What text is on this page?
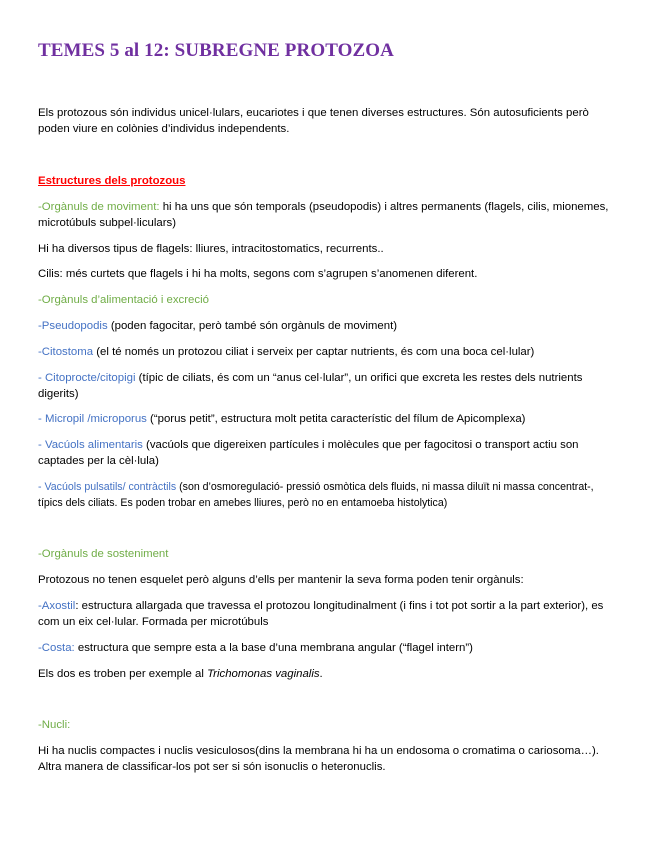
TEMES 5 al 12: SUBREGNE PROTOZOA

Els protozous són individus unicel·lulars, eucariotes i que tenen diverses estructures. Són autosuficients però poden viure en colònies d’individus independents.

Estructures dels protozous

-Orgànuls de moviment: hi ha uns que són temporals (pseudopodis) i altres permanents (flagels, cilis, mionemes, microtúbuls subpel·liculars)

Hi ha diversos tipus de flagels: lliures, intracitostomatics, recurrents..

Cilis: més curtets que flagels i hi ha molts, segons com s’agrupen s’anomenen diferent.

-Orgànuls d’alimentació i excreció

-Pseudopodis (poden fagocitar, però també són orgànuls de moviment)

-Citostoma (el té només un protozou ciliat i serveix per captar nutrients, és com una boca cel·lular)

- Citoprocte/citopigi (típic de ciliats, és com un “anus cel·lular”, un orifici que excreta les restes dels nutrients digerits)

- Micropil /microporus (“porus petit”, estructura molt petita característic del fílum de Apicomplexa)

- Vacúols alimentaris (vacúols que digereixen partícules i molècules que per fagocitosi o transport actiu son captades per la cèl·lula)

- Vacúols pulsatils/ contràctils (son d’osmoregulació- pressió osmòtica dels fluids, ni massa diluït ni massa concentrat-, típics dels ciliats. Es poden trobar en amebes lliures, però no en entamoeba histolytica)

-Orgànuls de sosteniment

Protozous no tenen esquelet però alguns d’ells per mantenir la seva forma poden tenir orgànuls:

-Axostil: estructura allargada que travessa el protozou longitudinalment (i fins i tot pot sortir a la part exterior), es com un eix cel·lular. Formada per microtúbuls

-Costa: estructura que sempre esta a la base d’una membrana angular (“flagel intern”)

Els dos es troben per exemple al Trichomonas vaginalis.

-Nucli:

Hi ha nuclis compactes i nuclis vesiculosos(dins la membrana hi ha un endosoma o cromatima o cariosoma…). Altra manera de classificar-los pot ser si són isonuclis o heteronuclis.
